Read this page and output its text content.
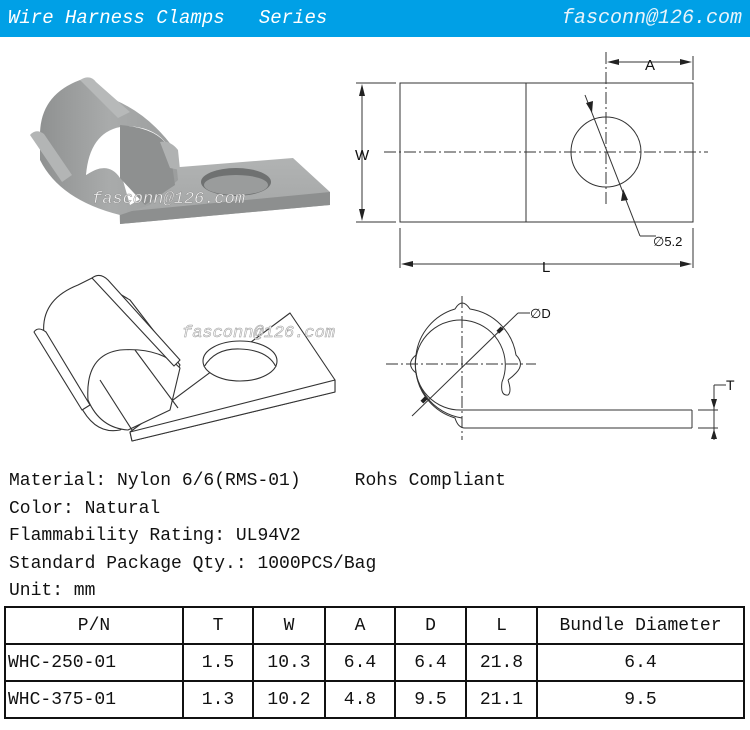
Wire Harness Clamps   Series	fasconn@126.com
fasconn@126.com
A
W
L
∅5.2
fasconn@126.com
∅D
T
Material: Nylon 6/6(RMS-01)	Rohs Compliant
Color: Natural
Flammability Rating: UL94V2
Standard Package Qty.: 1000PCS/Bag
Unit: mm
P/N	T	W	A	D	L	Bundle Diameter
WHC-250-01	1.5	10.3	6.4	6.4	21.8	6.4
WHC-375-01	1.3	10.2	4.8	9.5	21.1	9.5
